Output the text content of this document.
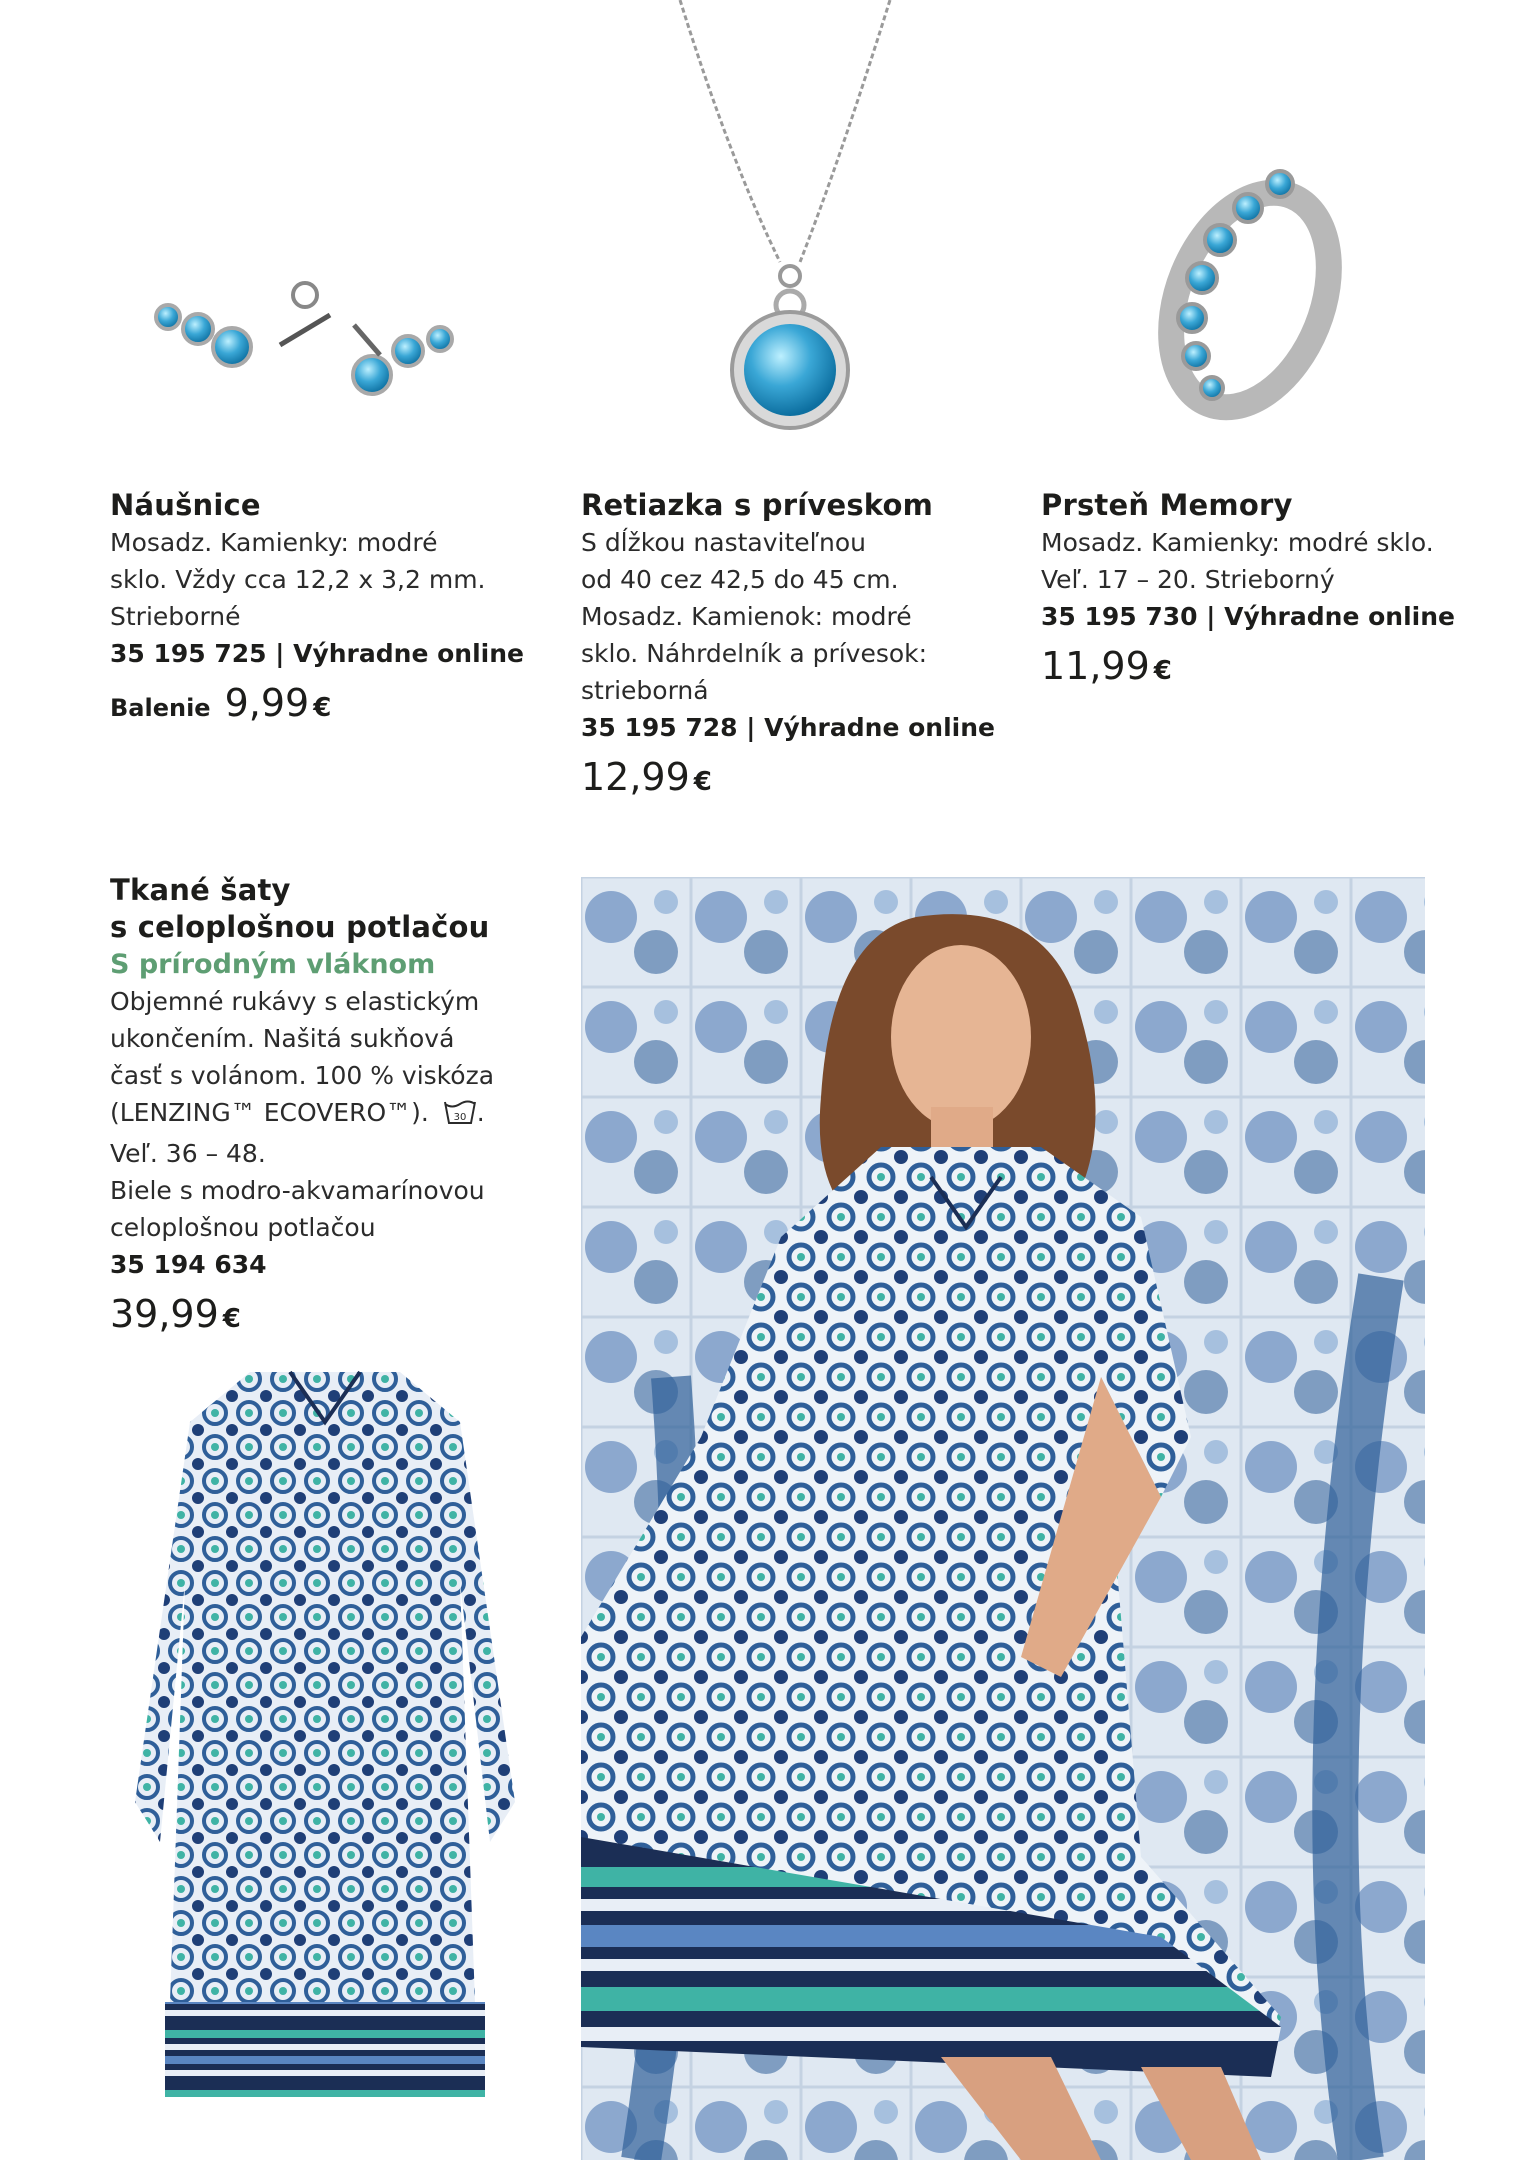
Náušnice
Mosadz. Kamienky: modré
sklo. Vždy cca 12,2 x 3,2 mm.
Strieborné
35 195 725 | Výhradne online
Balenie 9,99 €
Retiazka s príveskom
S dĺžkou nastaviteľnou
od 40 cez 42,5 do 45 cm.
Mosadz. Kamienok: modré
sklo. Náhrdelník a prívesok:
strieborná
35 195 728 | Výhradne online
12,99 €
Prsteň Memory
Mosadz. Kamienky: modré sklo.
Veľ. 17 – 20. Strieborný
35 195 730 | Výhradne online
11,99 €
Tkané šaty
s celoplošnou potlačou
S prírodným vláknom
Objemné rukávy s elastickým
ukončením. Našitá sukňová
časť s volánom. 100 % viskóza
(LENZING™ ECOVERO™). 30 .
Veľ. 36 – 48.
Biele s modro-akvamarínovou
celoplošnou potlačou
35 194 634
39,99 €
